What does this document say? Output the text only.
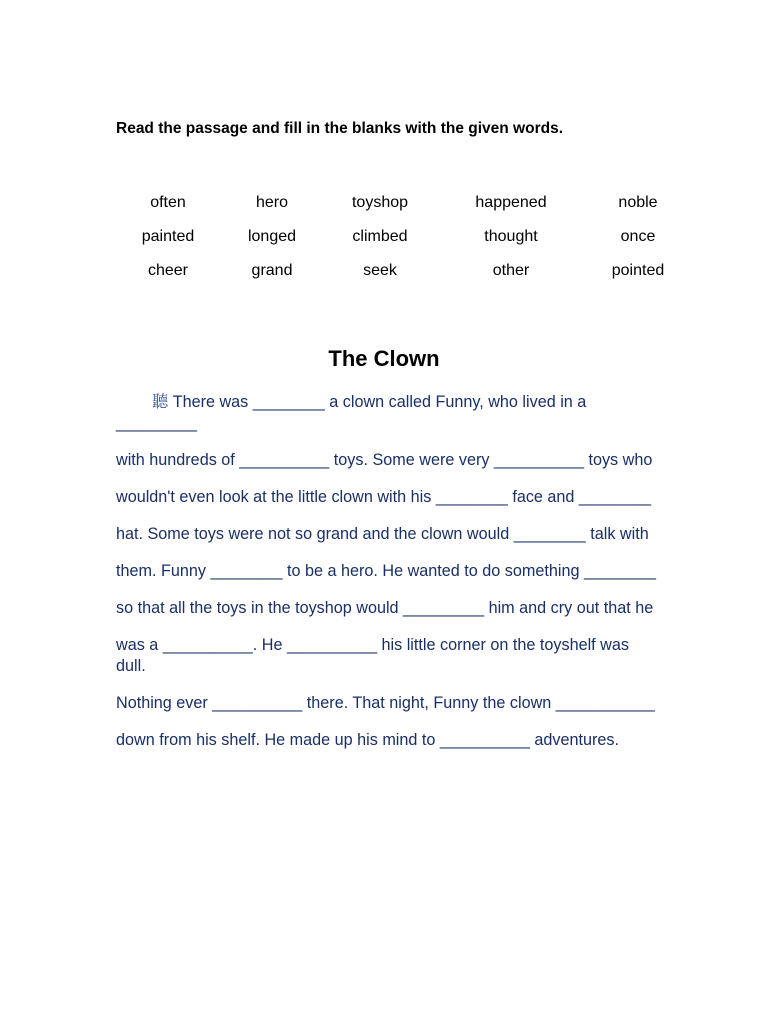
Read the passage and fill in the blanks with the given words.

often	hero	toyshop	happened	noble
painted	longed	climbed	thought	once
cheer	grand	seek	other	pointed
The Clown

聽 There was ________ a clown called Funny, who lived in a _________

with hundreds of __________ toys. Some were very __________ toys who

wouldn't even look at the little clown with his ________ face and ________

hat. Some toys were not so grand and the clown would ________ talk with

them. Funny ________ to be a hero. He wanted to do something ________

so that all the toys in the toyshop would _________ him and cry out that he

was a __________. He __________ his little corner on the toyshelf was dull.

Nothing ever __________ there. That night, Funny the clown ___________

down from his shelf. He made up his mind to __________ adventures.
